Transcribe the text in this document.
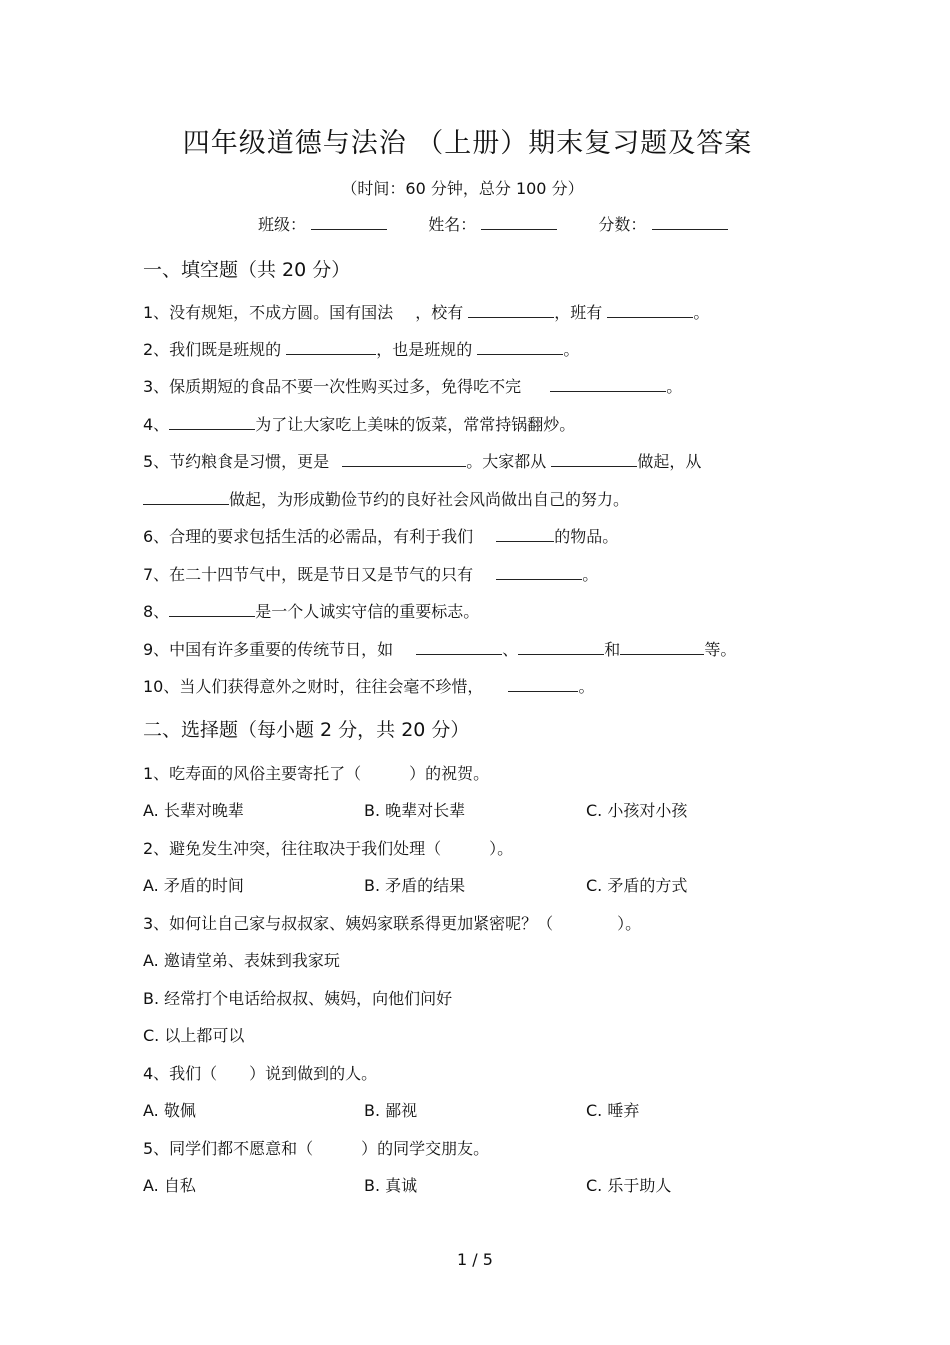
四年级道德与法治 （上册）期末复习题及答案
（时间：60 分钟，总分 100 分）
班级：	姓名：	分数：
一、填空题（共 20 分）
1、没有规矩，不成方圆。国有国法 ，校有	，班有	。
2、我们既是班规的	，也是班规的	。
3、保质期短的食品不要一次性购买过多，免得吃不完	。
4、	为了让大家吃上美味的饭菜，常常持锅翻炒。
5、节约粮食是习惯，更是	。大家都从	做起，从
做起，为形成勤俭节约的良好社会风尚做出自己的努力。
6、合理的要求包括生活的必需品，有利于我们	的物品。
7、在二十四节气中，既是节日又是节气的只有	。
8、	是一个人诚实守信的重要标志。
9、中国有许多重要的传统节日，如	、	和	等。
10、当人们获得意外之财时，往往会毫不珍惜，	。
二、选择题（每小题 2 分，共 20 分）
1、吃寿面的风俗主要寄托了（　　　）的祝贺。
A. 长辈对晚辈	B. 晚辈对长辈	C. 小孩对小孩
2、避免发生冲突，往往取决于我们处理（　　　）。
A. 矛盾的时间	B. 矛盾的结果	C. 矛盾的方式
3、如何让自己家与叔叔家、姨妈家联系得更加紧密呢？（　　　　）。
A. 邀请堂弟、表妹到我家玩
B. 经常打个电话给叔叔、姨妈，向他们问好
C. 以上都可以
4、我们（　　）说到做到的人。
A. 敬佩	B. 鄙视	C. 唾弃
5、同学们都不愿意和（　　　）的同学交朋友。
A. 自私	B. 真诚	C. 乐于助人
1 / 5
